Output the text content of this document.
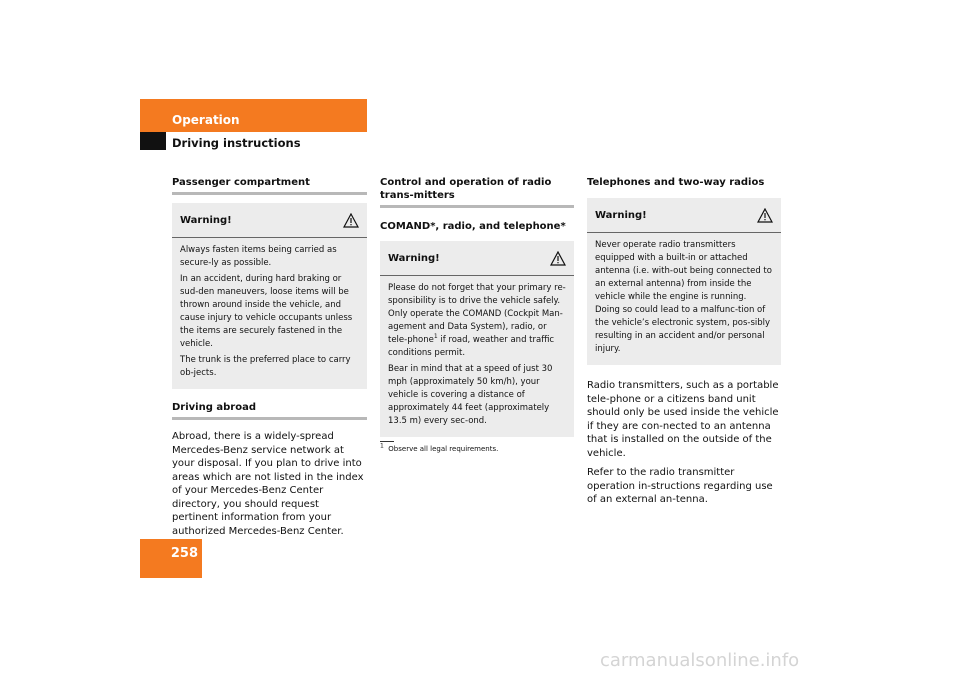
Operation
Driving instructions
Passenger compartment
Warning!

Always fasten items being carried as secure-ly as possible.

In an accident, during hard braking or sud-den maneuvers, loose items will be thrown around inside the vehicle, and cause injury to vehicle occupants unless the items are securely fastened in the vehicle.

The trunk is the preferred place to carry ob-jects.

Driving abroad

Abroad, there is a widely-spread Mercedes-Benz service network at your disposal. If you plan to drive into areas which are not listed in the index of your Mercedes-Benz Center directory, you should request pertinent information from your authorized Mercedes-Benz Center.

Control and operation of radio trans-mitters
COMAND*, radio, and telephone*
Warning!

Please do not forget that your primary re-sponsibility is to drive the vehicle safely. Only operate the COMAND (Cockpit Man-agement and Data System), radio, or tele-phone$^1$ if road, weather and traffic conditions permit.

Bear in mind that at a speed of just 30 mph (approximately 50 km/h), your vehicle is covering a distance of approximately 44 feet (approximately 13.5 m) every sec-ond.

$^1$ Observe all legal requirements.
Telephones and two-way radios
Warning!

Never operate radio transmitters equipped with a built-in or attached antenna (i.e. with-out being connected to an external antenna) from inside the vehicle while the engine is running. Doing so could lead to a malfunc-tion of the vehicle’s electronic system, pos-sibly resulting in an accident and/or personal injury.

Radio transmitters, such as a portable tele-phone or a citizens band unit should only be used inside the vehicle if they are con-nected to an antenna that is installed on the outside of the vehicle.

Refer to the radio transmitter operation in-structions regarding use of an external an-tenna.

258
carmanualsonline.info
